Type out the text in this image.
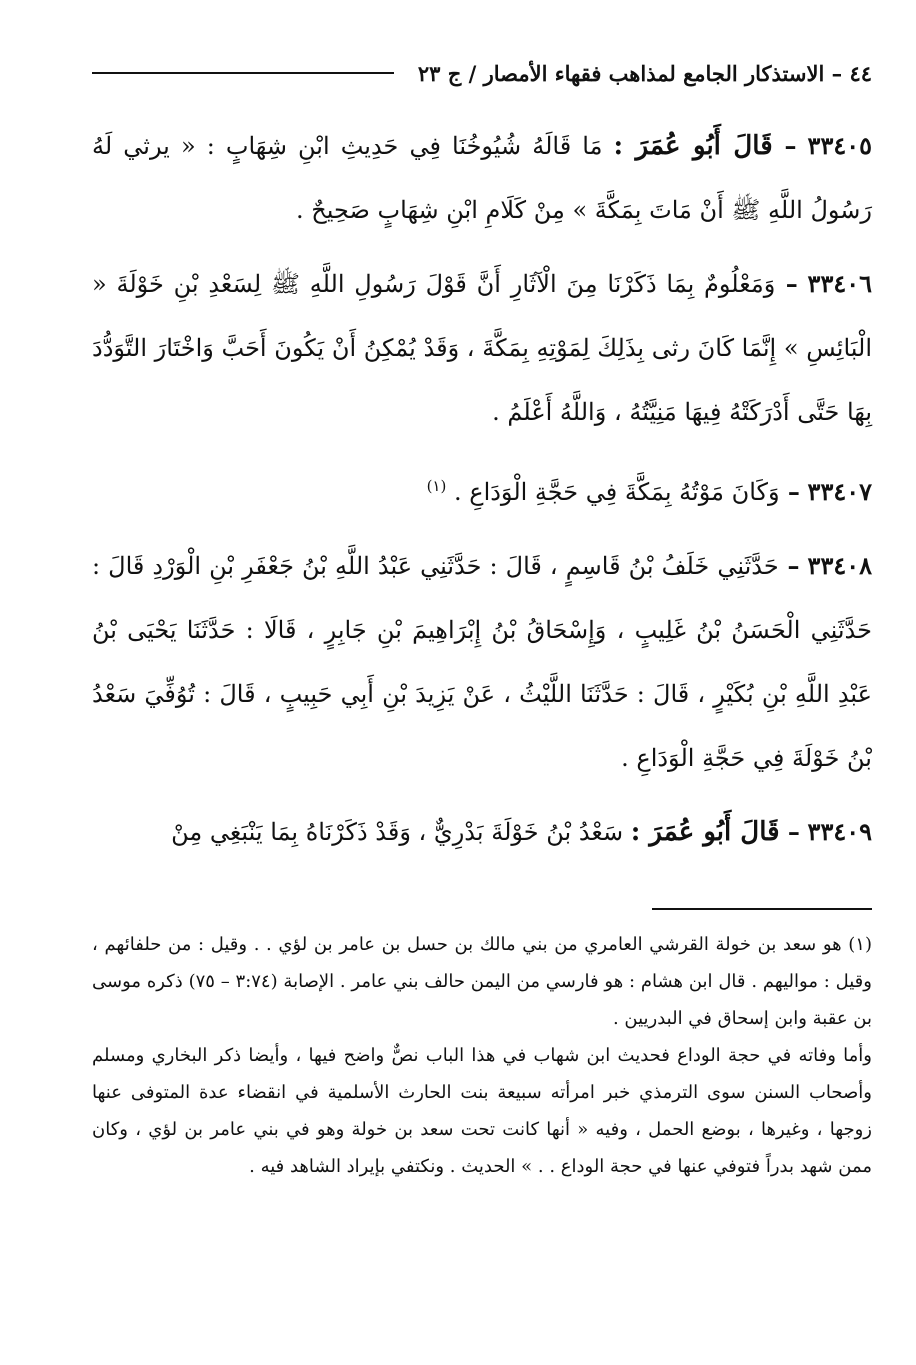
٤٤ – الاستذكار الجامع لمذاهب فقهاء الأمصار / ج ٢٣

٣٣٤٠٥ – قَالَ أَبُو عُمَرَ : مَا قَالَهُ شُيُوخُنَا فِي حَدِيثِ ابْنِ شِهَابٍ : « يرثي لَهُ رَسُولُ اللَّهِ ﷺ أَنْ مَاتَ بِمَكَّةَ » مِنْ كَلَامِ ابْنِ شِهَابٍ صَحِيحٌ .

٣٣٤٠٦ – وَمَعْلُومٌ بِمَا ذَكَرْنَا مِنَ الْآثَارِ أَنَّ قَوْلَ رَسُولِ اللَّهِ ﷺ لِسَعْدِ بْنِ خَوْلَةَ « الْبَائِسِ » إِنَّمَا كَانَ رثى بِذَلِكَ لِمَوْتِهِ بِمَكَّةَ ، وَقَدْ يُمْكِنُ أَنْ يَكُونَ أَحَبَّ وَاخْتَارَ التَّوَدُّدَ بِهَا حَتَّى أَدْرَكَتْهُ فِيهَا مَنِيَّتُهُ ، وَاللَّهُ أَعْلَمُ .

٣٣٤٠٧ – وَكَانَ مَوْتُهُ بِمَكَّةَ فِي حَجَّةِ الْوَدَاعِ . $^{(١)}$

٣٣٤٠٨ – حَدَّثَنِي خَلَفُ بْنُ قَاسِمٍ ، قَالَ : حَدَّثَنِي عَبْدُ اللَّهِ بْنُ جَعْفَرِ بْنِ الْوَرْدِ قَالَ : حَدَّثَنِي الْحَسَنُ بْنُ غَلِيبٍ ، وَإِسْحَاقُ بْنُ إِبْرَاهِيمَ بْنِ جَابِرٍ ، قَالَا : حَدَّثَنَا يَحْيَى بْنُ عَبْدِ اللَّهِ بْنِ بُكَيْرٍ ، قَالَ : حَدَّثَنَا اللَّيْثُ ، عَنْ يَزِيدَ بْنِ أَبِي حَبِيبٍ ، قَالَ : تُوُفِّيَ سَعْدُ بْنُ خَوْلَةَ فِي حَجَّةِ الْوَدَاعِ .

٣٣٤٠٩ – قَالَ أَبُو عُمَرَ : سَعْدُ بْنُ خَوْلَةَ بَدْرِيٌّ ، وَقَدْ ذَكَرْنَاهُ بِمَا يَنْبَغِي مِنْ

(١) هو سعد بن خولة القرشي العامري من بني مالك بن حسل بن عامر بن لؤي . . وقيل : من حلفائهم ، وقيل : مواليهم . قال ابن هشام : هو فارسي من اليمن حالف بني عامر . الإصابة (٣:٧٤ – ٧٥) ذكره موسى بن عقبة وابن إسحاق في البدريين .

وأما وفاته في حجة الوداع فحديث ابن شهاب في هذا الباب نصٌّ واضح فيها ، وأيضا ذكر البخاري ومسلم وأصحاب السنن سوى الترمذي خبر امرأته سبيعة بنت الحارث الأسلمية في انقضاء عدة المتوفى عنها زوجها ، وغيرها ، بوضع الحمل ، وفيه « أنها كانت تحت سعد بن خولة وهو في بني عامر بن لؤي ، وكان ممن شهد بدراً فتوفي عنها في حجة الوداع . . » الحديث . ونكتفي بإيراد الشاهد فيه .
